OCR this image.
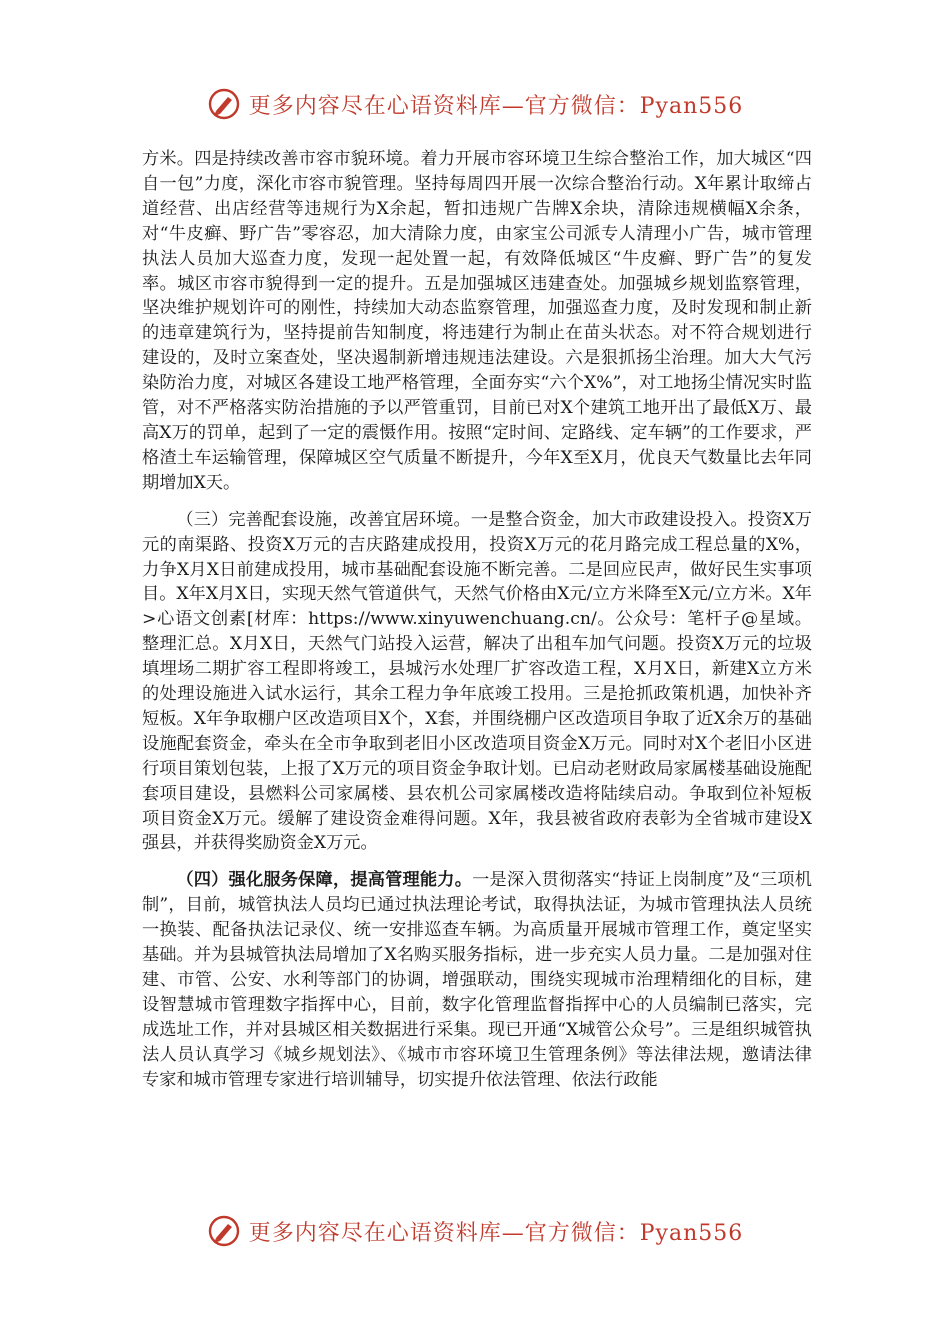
更多内容尽在心语资料库—官方微信：Pyan556

方米。四是持续改善市容市貌环境。着力开展市容环境卫生综合整治工作，加大城区“四自一包”力度，深化市容市貌管理。坚持每周四开展一次综合整治行动。X年累计取缔占道经营、出店经营等违规行为X余起，暂扣违规广告牌X余块，清除违规横幅X余条，对“牛皮癣、野广告”零容忍，加大清除力度，由家宝公司派专人清理小广告，城市管理执法人员加大巡查力度，发现一起处置一起，有效降低城区“牛皮癣、野广告”的复发率。城区市容市貌得到一定的提升。五是加强城区违建查处。加强城乡规划监察管理，坚决维护规划许可的刚性，持续加大动态监察管理，加强巡查力度，及时发现和制止新的违章建筑行为，坚持提前告知制度，将违建行为制止在苗头状态。对不符合规划进行建设的，及时立案查处，坚决遏制新增违规违法建设。六是狠抓扬尘治理。加大大气污染防治力度，对城区各建设工地严格管理，全面夯实“六个X%”，对工地扬尘情况实时监管，对不严格落实防治措施的予以严管重罚，目前已对X个建筑工地开出了最低X万、最高X万的罚单，起到了一定的震慑作用。按照“定时间、定路线、定车辆”的工作要求，严格渣土车运输管理，保障城区空气质量不断提升，今年X至X月，优良天气数量比去年同期增加X天。

（三）完善配套设施，改善宜居环境。一是整合资金，加大市政建设投入。投资X万元的南渠路、投资X万元的吉庆路建成投用，投资X万元的花月路完成工程总量的X%，力争X月X日前建成投用，城市基础配套设施不断完善。二是回应民声，做好民生实事项目。X年X月X日，实现天然气管道供气，天然气价格由X元/立方米降至X元/立方米。X年>心语文创素[材库：https://www.xinyuwenchuang.cn/。公众号：笔杆子@星域。整理汇总。X月X日，天然气门站投入运营，解决了出租车加气问题。投资X万元的垃圾填埋场二期扩容工程即将竣工，县城污水处理厂扩容改造工程，X月X日，新建X立方米的处理设施进入试水运行，其余工程力争年底竣工投用。三是抢抓政策机遇，加快补齐短板。X年争取棚户区改造项目X个，X套，并围绕棚户区改造项目争取了近X余万的基础设施配套资金，牵头在全市争取到老旧小区改造项目资金X万元。同时对X个老旧小区进行项目策划包装，上报了X万元的项目资金争取计划。已启动老财政局家属楼基础设施配套项目建设，县燃料公司家属楼、县农机公司家属楼改造将陆续启动。争取到位补短板项目资金X万元。缓解了建设资金难得问题。X年，我县被省政府表彰为全省城市建设X强县，并获得奖励资金X万元。

（四）强化服务保障，提高管理能力。一是深入贯彻落实“持证上岗制度”及“三项机制”，目前，城管执法人员均已通过执法理论考试，取得执法证，为城市管理执法人员统一换装、配备执法记录仪、统一安排巡查车辆。为高质量开展城市管理工作，奠定坚实基础。并为县城管执法局增加了X名购买服务指标，进一步充实人员力量。二是加强对住建、市管、公安、水利等部门的协调，增强联动，围绕实现城市治理精细化的目标，建设智慧城市管理数字指挥中心，目前，数字化管理监督指挥中心的人员编制已落实，完成选址工作，并对县城区相关数据进行采集。现已开通“X城管公众号”。三是组织城管执法人员认真学习《城乡规划法》、《城市市容环境卫生管理条例》等法律法规，邀请法律专家和城市管理专家进行培训辅导，切实提升依法管理、依法行政能

更多内容尽在心语资料库—官方微信：Pyan556
